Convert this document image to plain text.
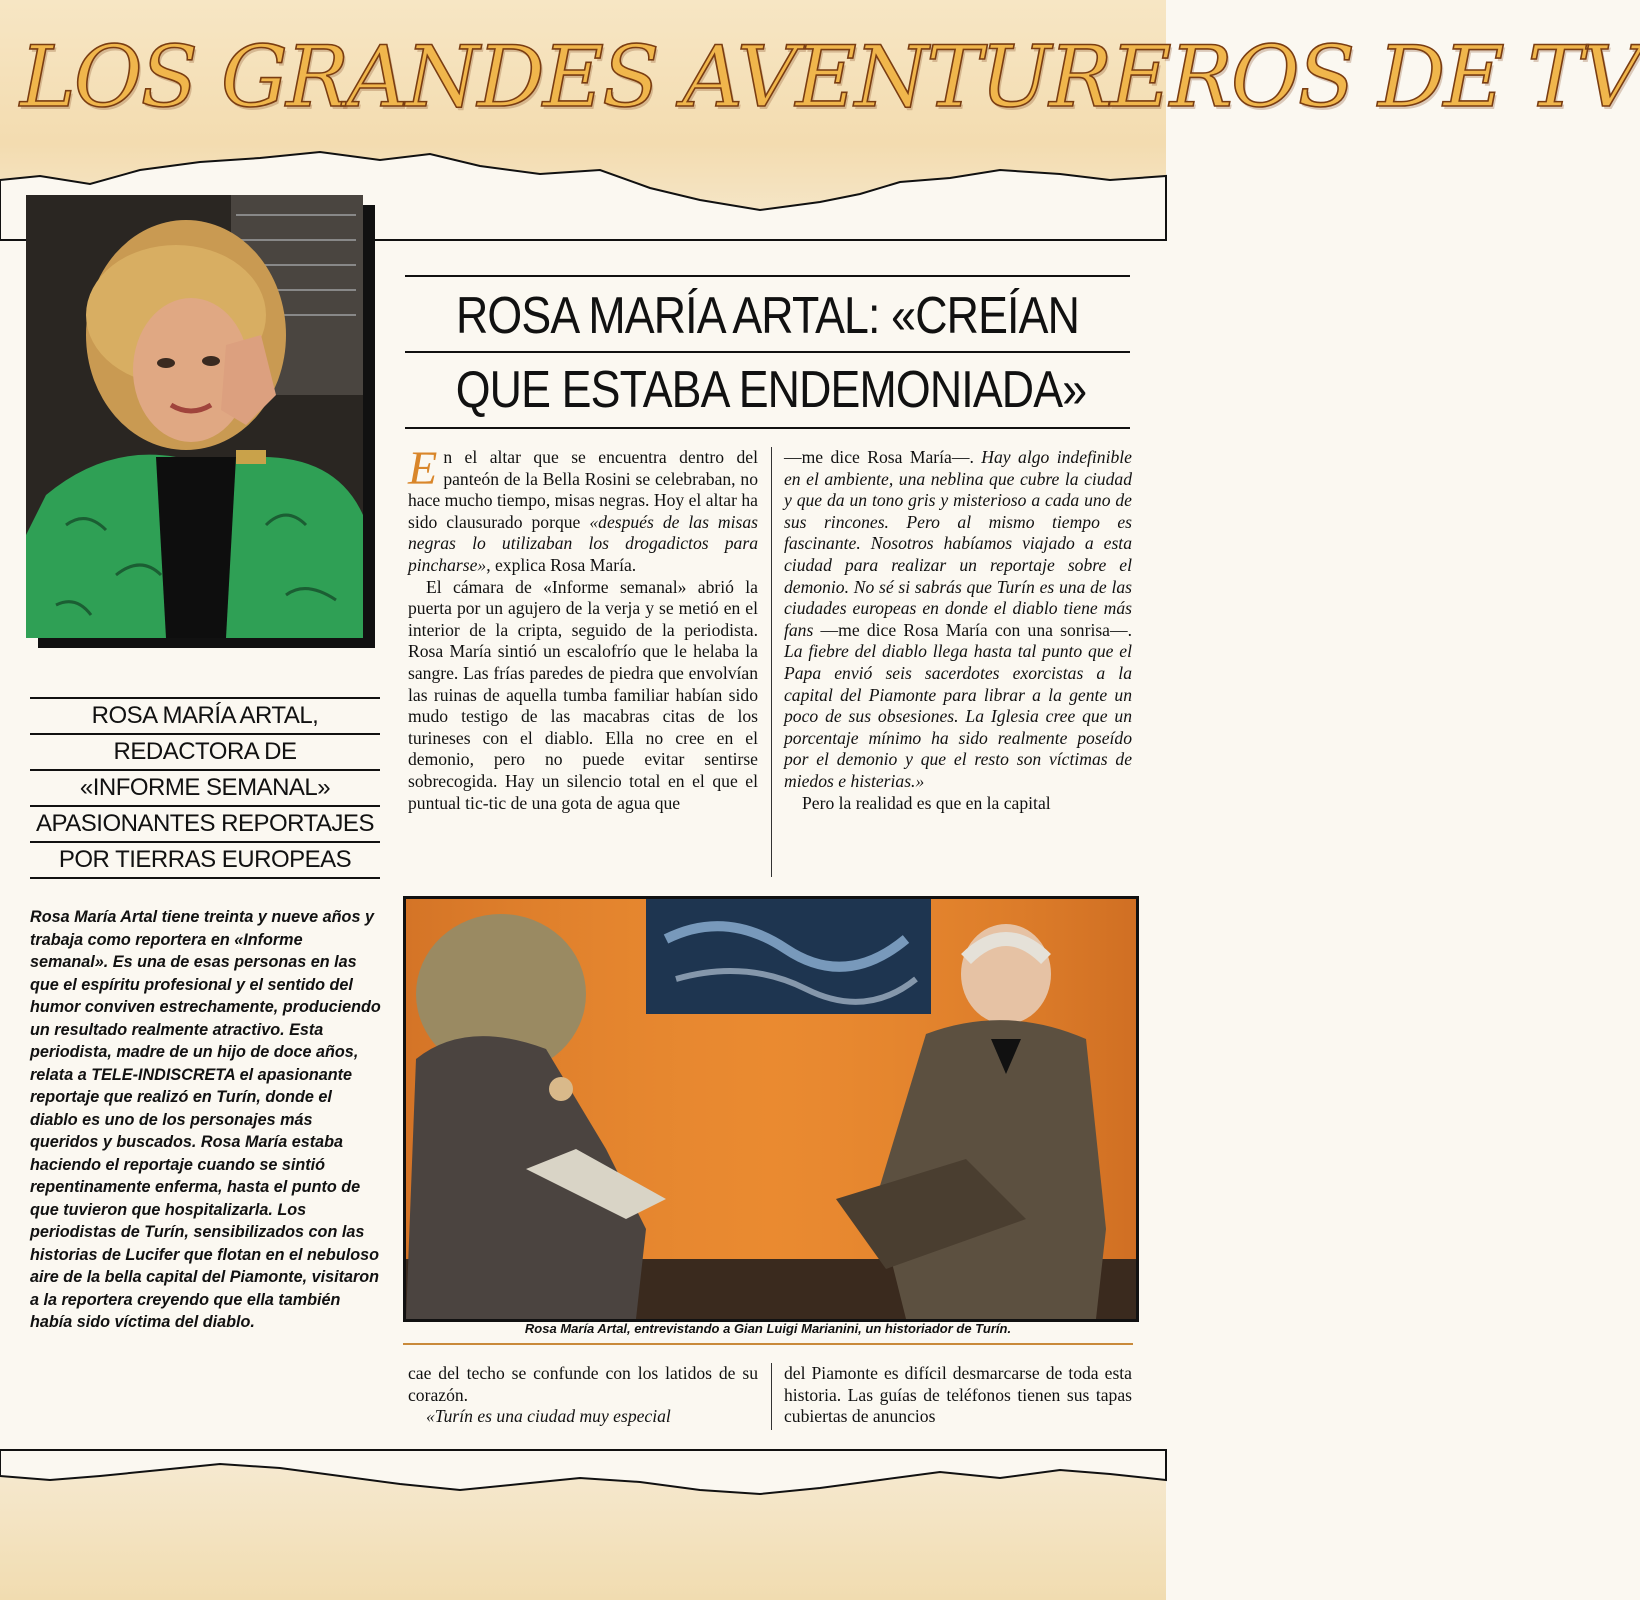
LOS GRANDES AVENTUREROS DE TV
ROSA MARÍA ARTAL: «CREÍAN
QUE ESTABA ENDEMONIADA»
ROSA MARÍA ARTAL,
REDACTORA DE
«INFORME SEMANAL»
APASIONANTES REPORTAJES
POR TIERRAS EUROPEAS
Rosa María Artal tiene treinta y nueve años y trabaja como reportera en «Informe semanal». Es una de esas personas en las que el espíritu profesional y el sentido del humor conviven estrechamente, produciendo un resultado realmente atractivo. Esta periodista, madre de un hijo de doce años, relata a TELE-INDISCRETA el apasionante reportaje que realizó en Turín, donde el diablo es uno de los personajes más queridos y buscados. Rosa María estaba haciendo el reportaje cuando se sintió repentinamente enferma, hasta el punto de que tuvieron que hospitalizarla. Los periodistas de Turín, sensibilizados con las historias de Lucifer que flotan en el nebuloso aire de la bella capital del Piamonte, visitaron a la reportera creyendo que ella también había sido víctima del diablo.

En el altar que se encuentra dentro del panteón de la Bella Rosini se celebraban, no hace mucho tiempo, misas negras. Hoy el altar ha sido clausurado porque «después de las misas negras lo utilizaban los drogadictos para pincharse», explica Rosa María.

El cámara de «Informe semanal» abrió la puerta por un agujero de la verja y se metió en el interior de la cripta, seguido de la periodista. Rosa María sintió un escalofrío que le helaba la sangre. Las frías paredes de piedra que envolvían las ruinas de aquella tumba familiar habían sido mudo testigo de las macabras citas de los turineses con el diablo. Ella no cree en el demonio, pero no puede evitar sentirse sobrecogida. Hay un silencio total en el que el puntual tic-tic de una gota de agua que

—me dice Rosa María—. Hay algo indefinible en el ambiente, una neblina que cubre la ciudad y que da un tono gris y misterioso a cada uno de sus rincones. Pero al mismo tiempo es fascinante. Nosotros habíamos viajado a esta ciudad para realizar un reportaje sobre el demonio. No sé si sabrás que Turín es una de las ciudades europeas en donde el diablo tiene más fans —me dice Rosa María con una sonrisa—. La fiebre del diablo llega hasta tal punto que el Papa envió seis sacerdotes exorcistas a la capital del Piamonte para librar a la gente un poco de sus obsesiones. La Iglesia cree que un porcentaje mínimo ha sido realmente poseído por el demonio y que el resto son víctimas de miedos e histerias.»

Pero la realidad es que en la capital

Rosa María Artal, entrevistando a Gian Luigi Marianini, un historiador de Turín.

cae del techo se confunde con los latidos de su corazón.

«Turín es una ciudad muy especial

del Piamonte es difícil desmarcarse de toda esta historia. Las guías de teléfonos tienen sus tapas cubiertas de anuncios
